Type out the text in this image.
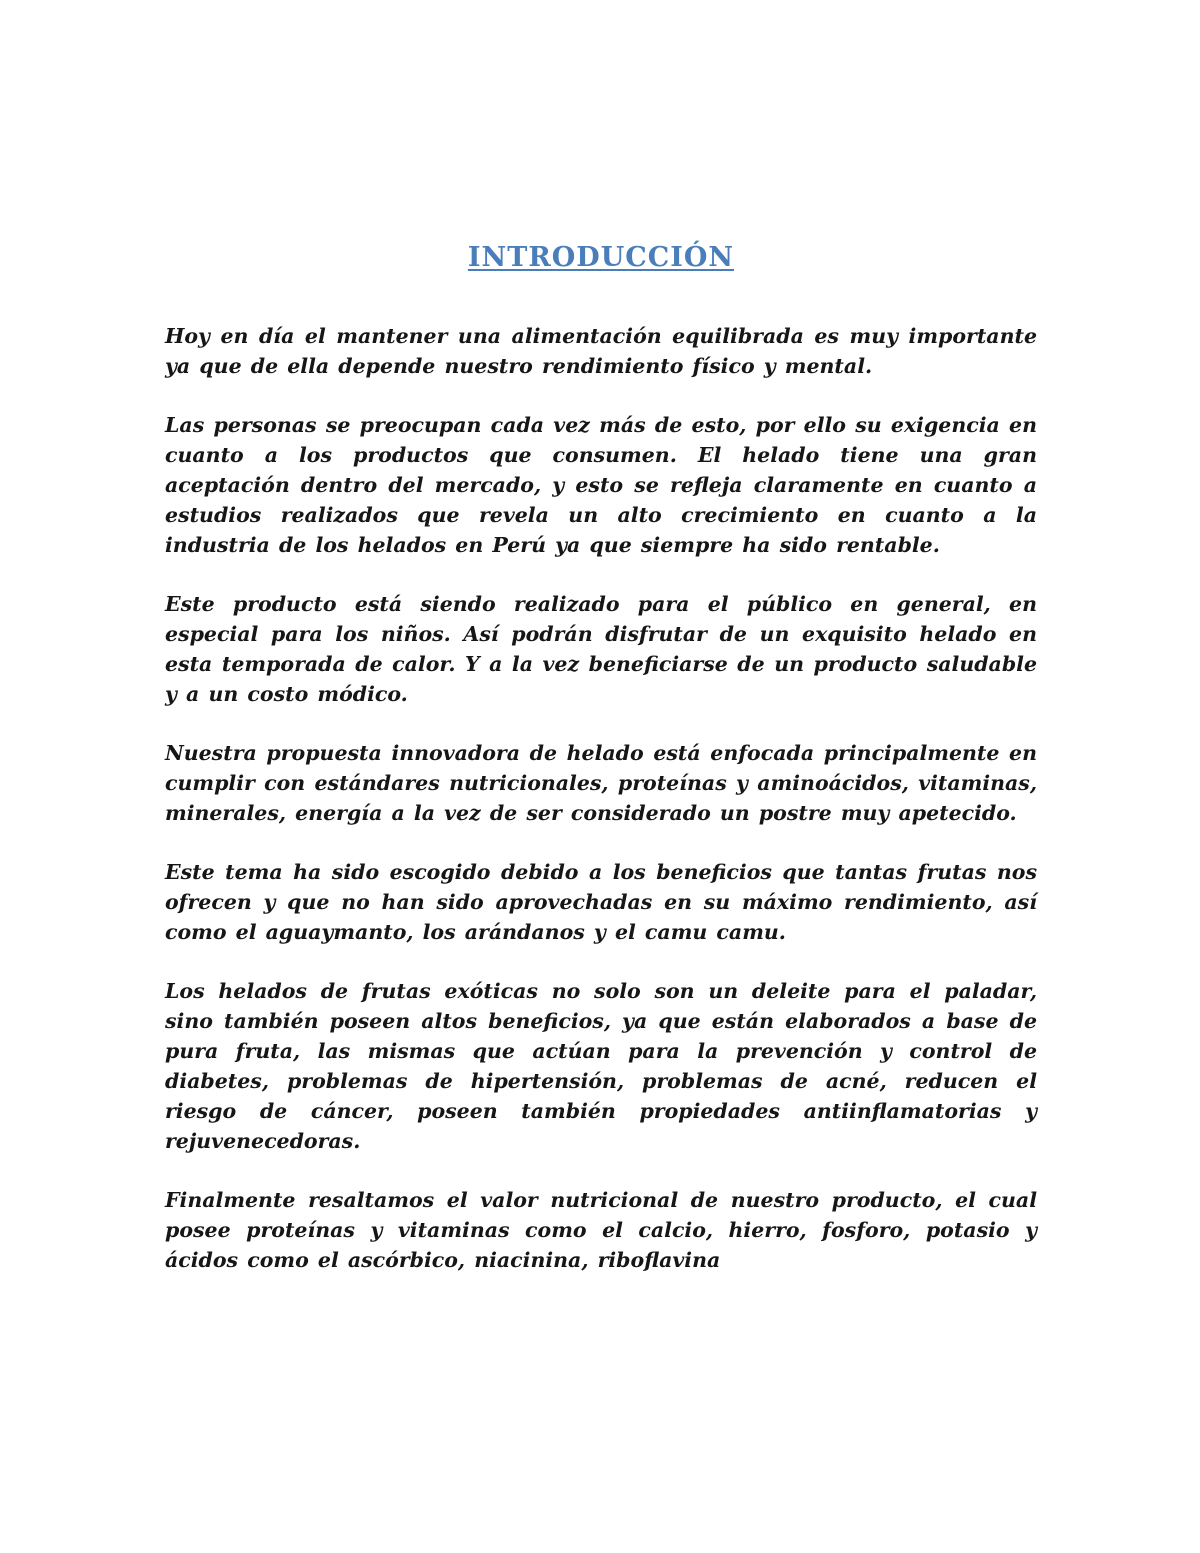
INTRODUCCIÓN

Hoy en día el mantener una alimentación equilibrada es muy importante ya que de ella depende nuestro rendimiento físico y mental.

Las personas se preocupan cada vez más de esto, por ello su exigencia en cuanto a los productos que consumen. El helado tiene una gran aceptación dentro del mercado, y esto se refleja claramente en cuanto a estudios realizados que revela un alto crecimiento en cuanto a la industria de los helados en Perú ya que siempre ha sido rentable.

Este producto está siendo realizado para el público en general, en especial para los niños. Así podrán disfrutar de un exquisito helado en esta temporada de calor. Y a la vez beneficiarse de un producto saludable y a un costo módico.

Nuestra propuesta innovadora de helado está enfocada principalmente en cumplir con estándares nutricionales, proteínas y aminoácidos, vitaminas, minerales, energía a la vez de ser considerado un postre muy apetecido.

Este tema ha sido escogido debido a los beneficios que tantas frutas nos ofrecen y que no han sido aprovechadas en su máximo rendimiento, así como el aguaymanto, los arándanos y el camu camu.

Los helados de frutas exóticas no solo son un deleite para el paladar, sino también poseen altos beneficios, ya que están elaborados a base de pura fruta, las mismas que actúan para la prevención y control de diabetes, problemas de hipertensión, problemas de acné, reducen el riesgo de cáncer, poseen también propiedades antiinflamatorias y rejuvenecedoras.

Finalmente resaltamos el valor nutricional de nuestro producto, el cual posee proteínas y vitaminas como el calcio, hierro, fosforo, potasio y ácidos como el ascórbico, niacinina, riboflavina
